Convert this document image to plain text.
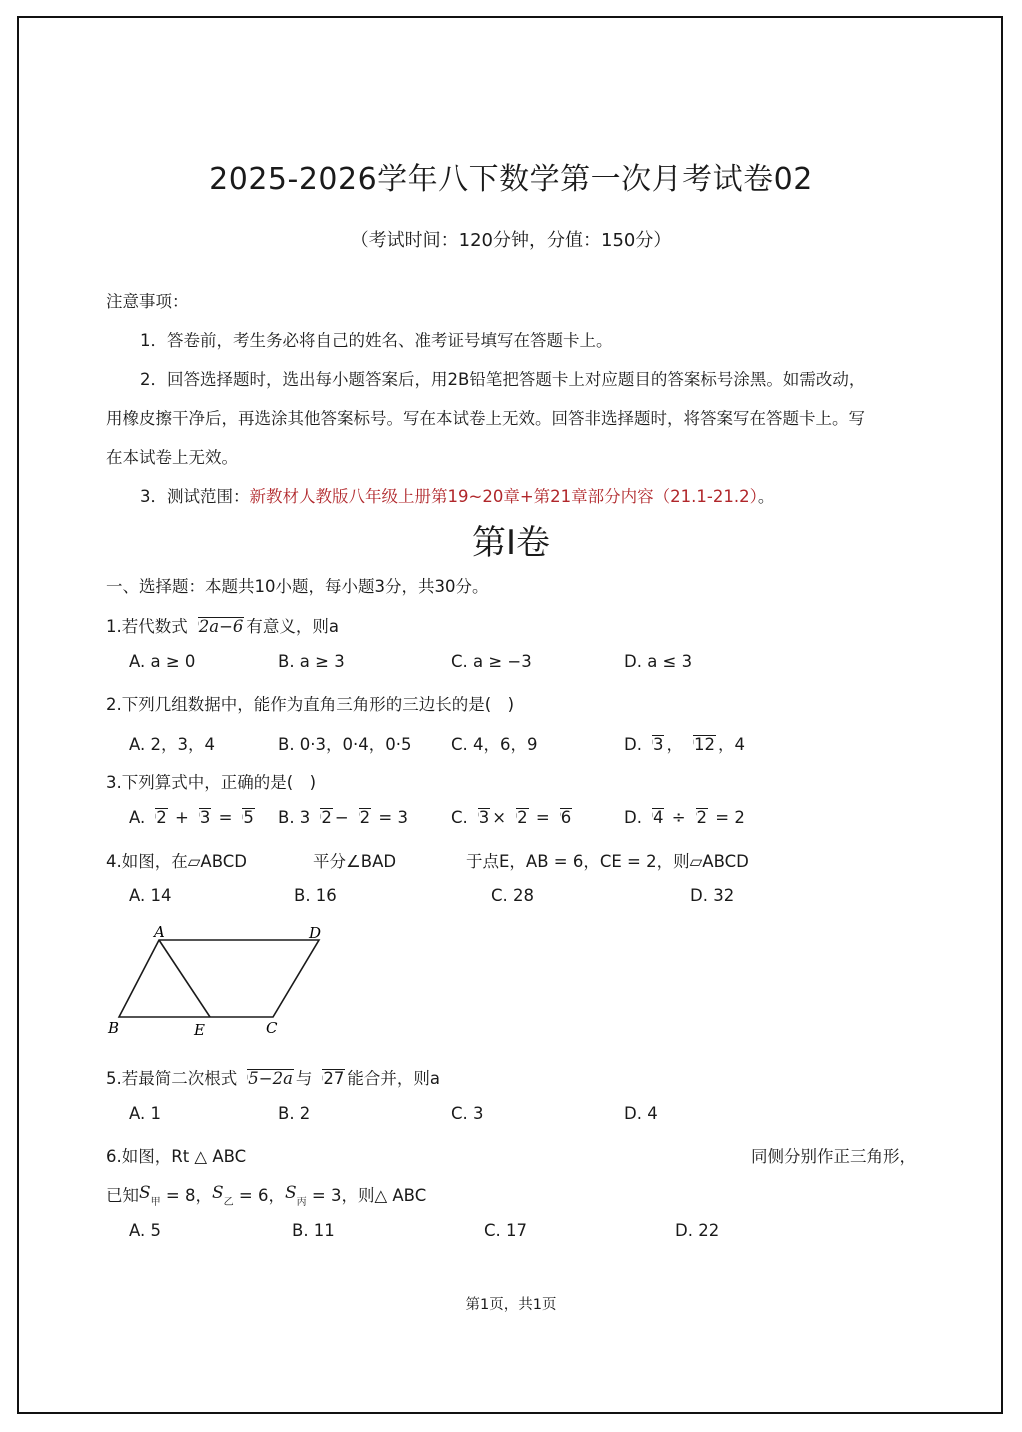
2025-2026学年八下数学第一次月考试卷02
（考试时间：120分钟，分值：150分）
注意事项：
1．答卷前，考生务必将自己的姓名、准考证号填写在答题卡上。
2．回答选择题时，选出每小题答案后，用2B铅笔把答题卡上对应题目的答案标号涂黑。如需改动，
用橡皮擦干净后，再选涂其他答案标号。写在本试卷上无效。回答非选择题时，将答案写在答题卡上。写
在本试卷上无效。
3．测试范围：新教材人教版八年级上册第19~20章+第21章部分内容（21.1-21.2）。
第Ⅰ卷
一、选择题：本题共10小题，每小题3分，共30分。
1.若代数式 2a−6 有意义，则a
A. a ≥ 0	B. a ≥ 3	C. a ≥ −3	D. a ≤ 3
2.下列几组数据中，能作为直角三角形的三边长的是(　)
A. 2，3，4	B. 0·3，0·4，0·5 C. 4，6，9	D. 3 ， 12 ，4
3.下列算式中，正确的是(　)
A. 2 + 3 = 5 B. 3 2 − 2 = 3	C. 3 × 2 = 6	D. 4 ÷ 2 = 2
4.如图，在▱ABCD	平分∠BAD	于点E，AB = 6，CE = 2，则▱ABCD
A. 14	B. 16	C. 28	D. 32
A	D
B	E	C
5.若最简二次根式 5−2a 与 27 能合并，则a
A. 1	B. 2	C. 3	D. 4
6.如图，Rt △ ABC	同侧分别作正三角形，
已知$S_甲 = 8$，$S_乙 = 6$，$S_丙 = 3$，则△ ABC
A. 5	B. 11	C. 17	D. 22
第1页，共1页
